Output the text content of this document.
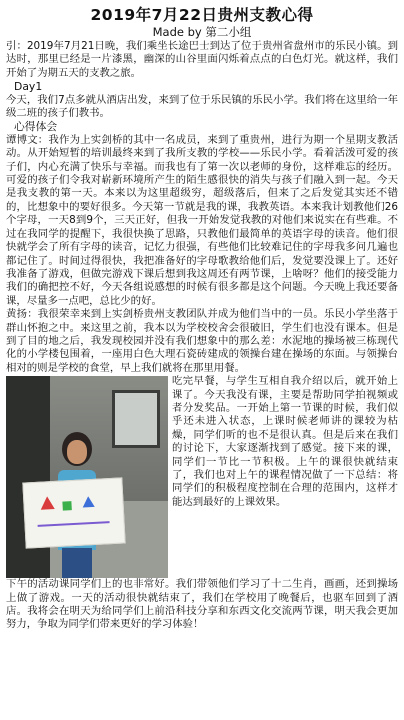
2019年7月22日贵州支教心得
Made by 第二小组

引：2019年7月21日晚，我们乘坐长途巴士到达了位于贵州省盘州市的乐民小镇。到达时，那里已经是一片漆黑，幽深的山谷里面闪烁着点点的白色灯光。就这样，我们开始了为期五天的支教之旅。

Day1

今天，我们7点多就从酒店出发，来到了位于乐民镇的乐民小学。我们将在这里给一年级二班的孩子们教书。

心得体会

谭博文：我作为上实剑桥的其中一名成员，来到了重贵州，进行为期一个星期支教活动。从开始短暂的培训最终来到了我所支教的学校——乐民小学。看着活泼可爱的孩子们，内心充满了快乐与幸福。而我也有了第一次以老师的身份，这样难忘的经历。可爱的孩子们令我对崭新环境所产生的陌生感很快的消失与孩子们融入到一起。今天是我支教的第一天。本来以为这里超级穷，超级落后，但来了之后发觉其实还不错的，比想象中的要好很多。今天第一节就是我的课，我教英语。本来我计划教他们26个字母，一天8到9个，三天正好，但我一开始发觉我教的对他们来说实在有些难。不过在我同学的提醒下，我很快换了思路，只教他们最简单的英语字母的读音。他们很快就学会了所有字母的读音，记忆力很强，有些他们比较难记住的字母我多问几遍也都记住了。时间过得很快，我把准备好的字母歌教给他们后，发觉要没课上了。还好我准备了游戏，但做完游戏下课后想到我这周还有两节课，上啥呀？他们的接受能力我们的确把控不好，今天各组说感想的时候有很多都是这个问题。今天晚上我还要备课，尽量多一点吧，总比少的好。

黄扬：我很荣幸来到上实剑桥贵州支教团队并成为他们当中的一员。乐民小学坐落于群山怀抱之中。来这里之前，我本以为学校校舍会很破旧，学生们也没有课本。但是到了目的地之后，我发现校园并没有我们想象中的那么差：水泥地的操场被三栋现代化的小学楼包围着，一座用白色大理石瓷砖建成的领操台建在操场的东面。与领操台相对的则是学校的食堂，早上我们就将在那里用餐。

吃完早餐，与学生互相自我介绍以后，就开始上课了。今天我没有课，主要是帮助同学拍视频或者分发奖品。一开始上第一节课的时候，我们似乎还未进入状态，上课时候老师讲的课较为枯燥，同学们听的也不是很认真。但是后来在我们的讨论下，大家逐渐找到了感觉。接下来的课，同学们一节比一节积极。上午的课很快就结束了，我们也对上午的课程情况做了一下总结：将同学们的积极程度控制在合理的范围内，这样才能达到最好的上课效果。

下午的活动课同学们上的也非常好。我们带领他们学习了十二生肖，画画，还到操场上做了游戏。一天的活动很快就结束了，我们在学校用了晚餐后，也驱车回到了酒店。我将会在明天为给同学们上前沿科技分享和东西文化交流两节课，明天我会更加努力，争取为同学们带来更好的学习体验！
